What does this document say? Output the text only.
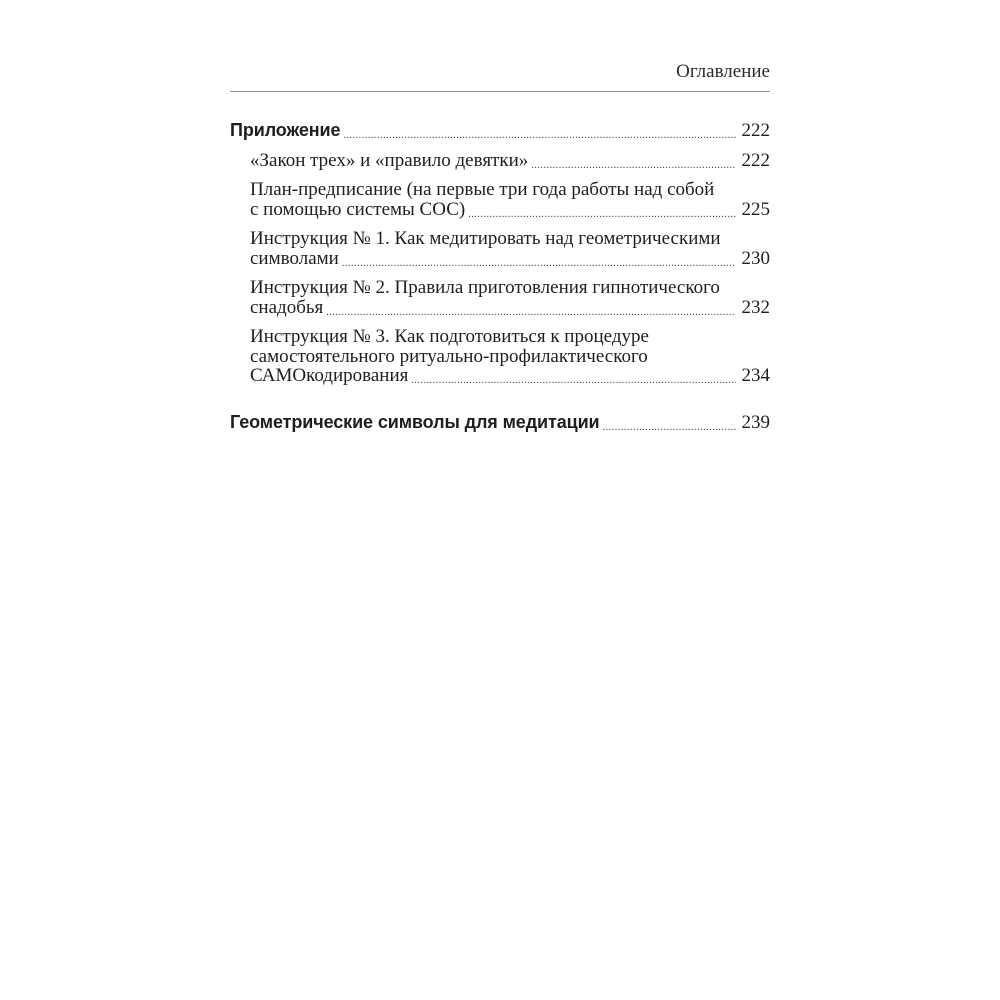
Оглавление
Приложение .....	222
«Закон трех» и «правило девятки» .....	222
План-предписание (на первые три года работы над собой
с помощью системы СОС) .....	225
Инструкция № 1. Как медитировать над геометрическими
символами .....	230
Инструкция № 2. Правила приготовления гипнотического
снадобья .....	232
Инструкция № 3. Как подготовиться к процедуре
самостоятельного ритуально-профилактического
САМОкодирования .....	234
Геометрические символы для медитации .....	239
